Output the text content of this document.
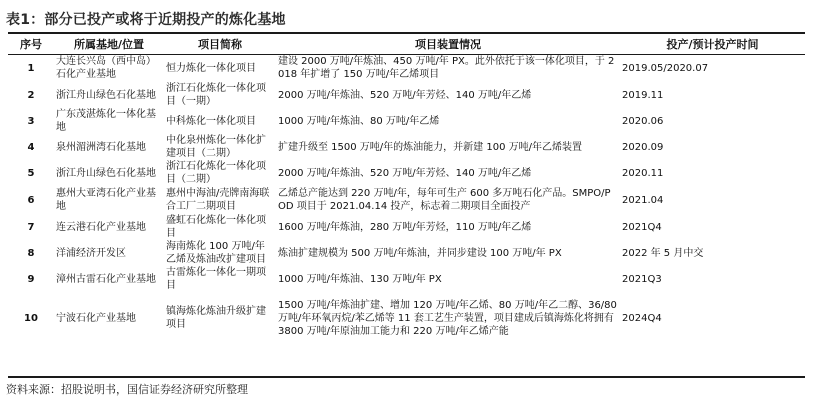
表1：部分已投产或将于近期投产的炼化基地
序号	所属基地/位置	项目简称	项目装置情况	投产/预计投产时间
1	大连长兴岛（西中岛）石化产业基地	恒力炼化一体化项目	建设 2000 万吨/年炼油、450 万吨/年 PX。此外依托于该一体化项目，于 2018 年扩增了 150 万吨/年乙烯项目	2019.05/2020.07
2	浙江舟山绿色石化基地	浙江石化炼化一体化项目（一期）	2000 万吨/年炼油、520 万吨/年芳烃、140 万吨/年乙烯	2019.11
3	广东茂湛炼化一体化基地	中科炼化一体化项目	1000 万吨/年炼油、80 万吨/年乙烯	2020.06
4	泉州湄洲湾石化基地	中化泉州炼化一体化扩建项目（二期）	扩建升级至 1500 万吨/年的炼油能力，并新建 100 万吨/年乙烯装置	2020.09
5	浙江舟山绿色石化基地	浙江石化炼化一体化项目（二期）	2000 万吨/年炼油、520 万吨/年芳烃、140 万吨/年乙烯	2020.11
6	惠州大亚湾石化产业基地	惠州中海油/壳牌南海联合工厂二期项目	乙烯总产能达到 220 万吨/年，每年可生产 600 多万吨石化产品。SMPO/POD 项目于 2021.04.14 投产，标志着二期项目全面投产	2021.04
7	连云港石化产业基地	盛虹石化炼化一体化项目	1600 万吨/年炼油，280 万吨/年芳烃，110 万吨/年乙烯	2021Q4
8	洋浦经济开发区	海南炼化 100 万吨/年乙烯及炼油改扩建项目	炼油扩建规模为 500 万吨/年炼油，并同步建设 100 万吨/年 PX	2022 年 5 月中交
9	漳州古雷石化产业基地	古雷炼化一体化一期项目	1000 万吨/年炼油、130 万吨/年 PX	2021Q3
10	宁波石化产业基地	镇海炼化炼油升级扩建项目	1500 万吨/年炼油扩建、增加 120 万吨/年乙烯、80 万吨/年乙二醇、36/80 万吨/年环氧丙烷/苯乙烯等 11 套工艺生产装置，项目建成后镇海炼化将拥有 3800 万吨/年原油加工能力和 220 万吨/年乙烯产能	2024Q4
资料来源：招股说明书，国信证券经济研究所整理
